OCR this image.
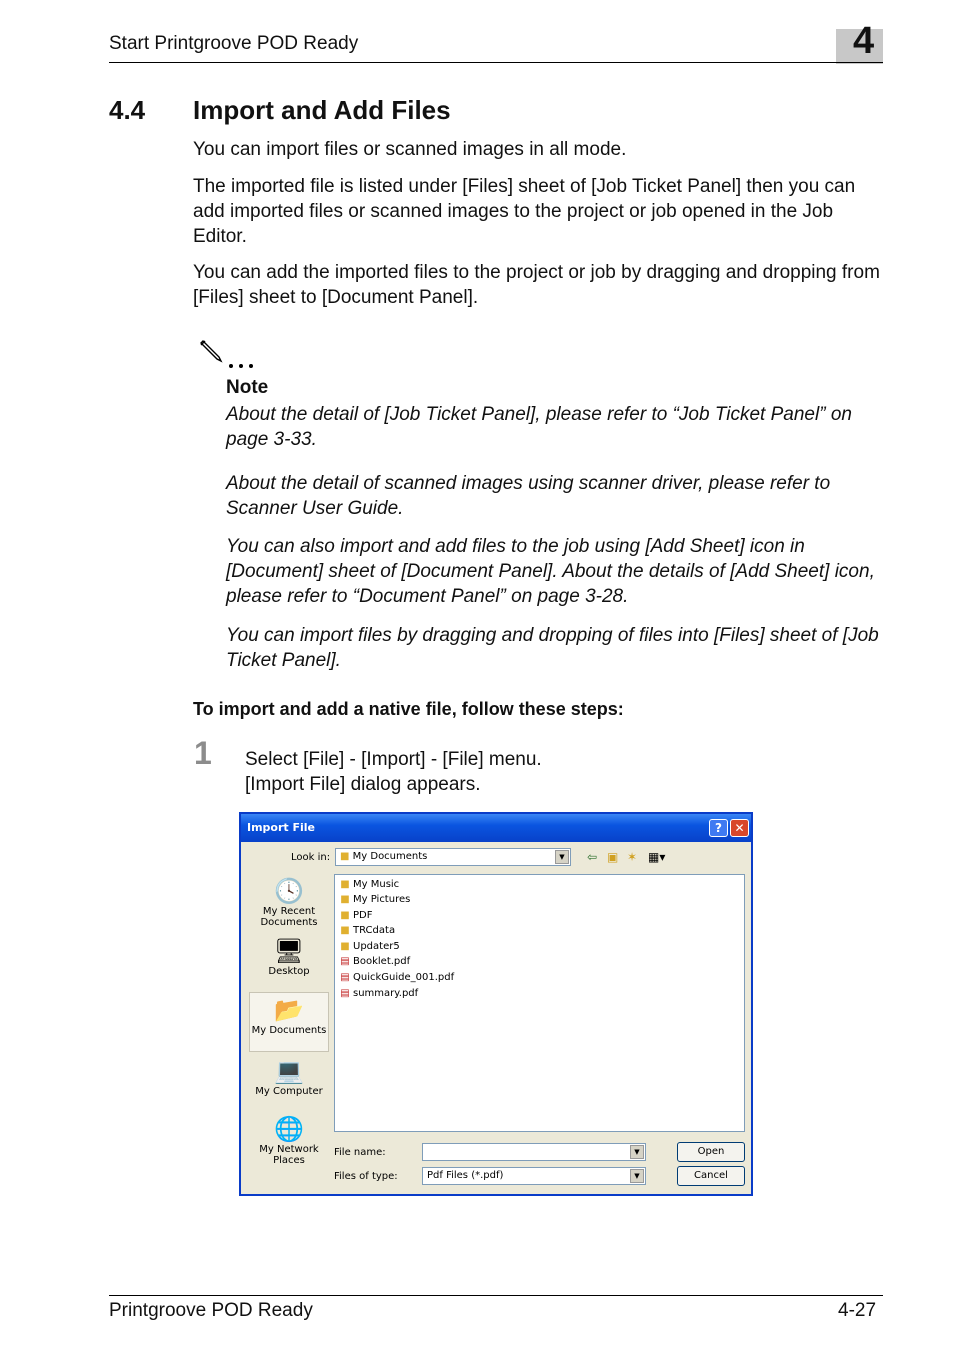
Start Printgroove POD Ready	4
4.4 Import and Add Files

You can import files or scanned images in all mode.

The imported file is listed under [Files] sheet of [Job Ticket Panel] then you can add imported files or scanned images to the project or job opened in the Job Editor.

You can add the imported files to the project or job by dragging and dropping from [Files] sheet to [Document Panel].

Note

About the detail of [Job Ticket Panel], please refer to “Job Ticket Panel” on page 3-33.

About the detail of scanned images using scanner driver, please refer to Scanner User Guide.

You can also import and add files to the job using [Add Sheet] icon in [Document] sheet of [Document Panel]. About the details of [Add Sheet] icon, please refer to “Document Panel” on page 3-28.

You can import files by dragging and dropping of files into [Files] sheet of [Job Ticket Panel].

To import and add a native file, follow these steps:
1 Select [File] - [Import] - [File] menu.
[Import File] dialog appears.
Import File	?	✕
Look in: ■ My Documents	▼	⇦ ▣ ✶ ▦▾
🕓
My Recent Documents
🖥
Desktop
📂
My Documents
💻
My Computer
🌐
My Network Places
■ My Music
■ My Pictures
■ PDF
■ TRCdata
■ Updater5
▤ Booklet.pdf
▤ QuickGuide_001.pdf
▤ summary.pdf
File name:	▼
Files of type:	Pdf Files (*.pdf)	▼
Open
Cancel
Printgroove POD Ready	4-27
